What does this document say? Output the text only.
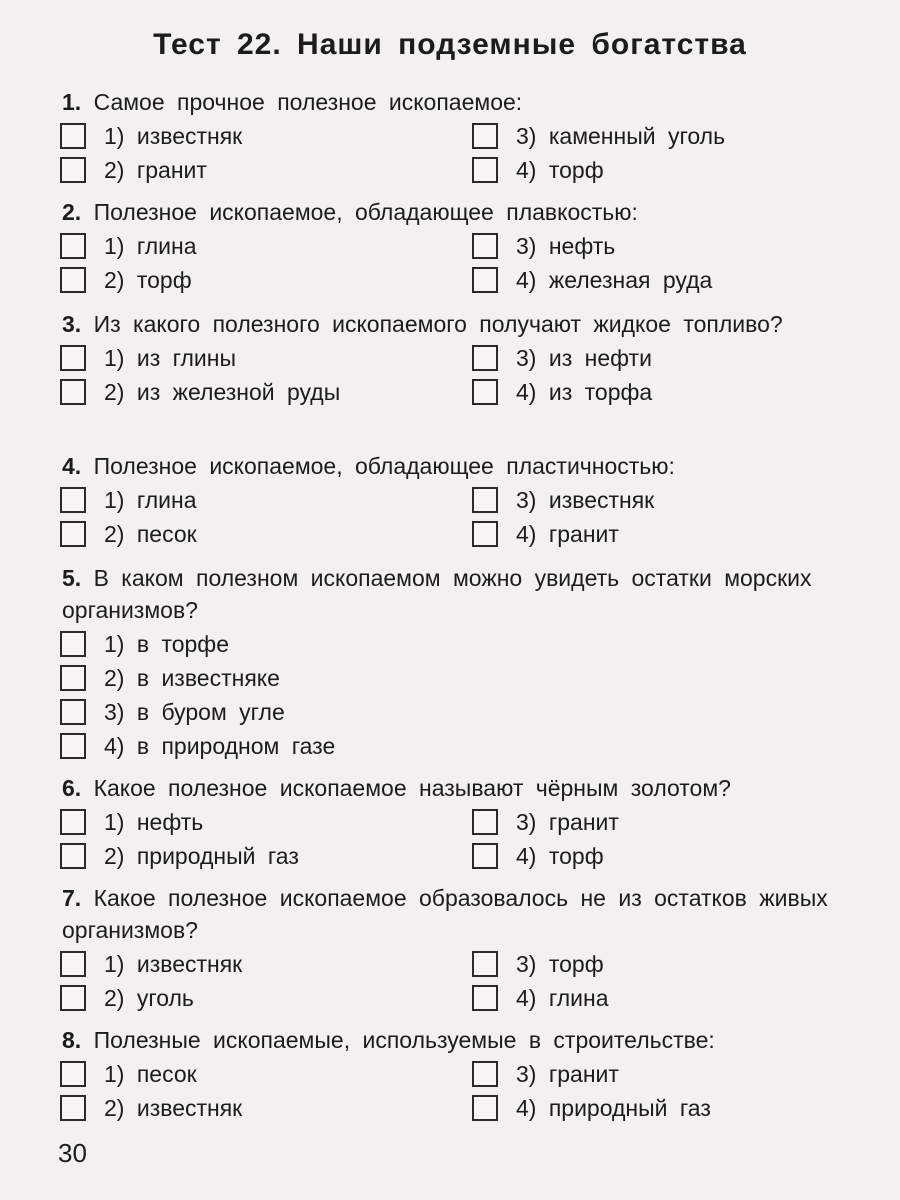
Тест 22. Наши подземные богатства

1. Самое прочное полезное ископаемое:

1) известняк	3) каменный уголь
2) гранит	4) торф

2. Полезное ископаемое, обладающее плавкостью:

1) глина	3) нефть
2) торф	4) железная руда

3. Из какого полезного ископаемого получают жидкое топливо?

1) из глины	3) из нефти
2) из железной руды	4) из торфа

4. Полезное ископаемое, обладающее пластичностью:

1) глина	3) известняк
2) песок	4) гранит

5. В каком полезном ископаемом можно увидеть остатки морских организмов?

1) в торфе
2) в известняке
3) в буром угле
4) в природном газе

6. Какое полезное ископаемое называют чёрным золотом?

1) нефть	3) гранит
2) природный газ	4) торф

7. Какое полезное ископаемое образовалось не из остатков живых организмов?

1) известняк	3) торф
2) уголь	4) глина

8. Полезные ископаемые, используемые в строительстве:

1) песок	3) гранит
2) известняк	4) природный газ
30
